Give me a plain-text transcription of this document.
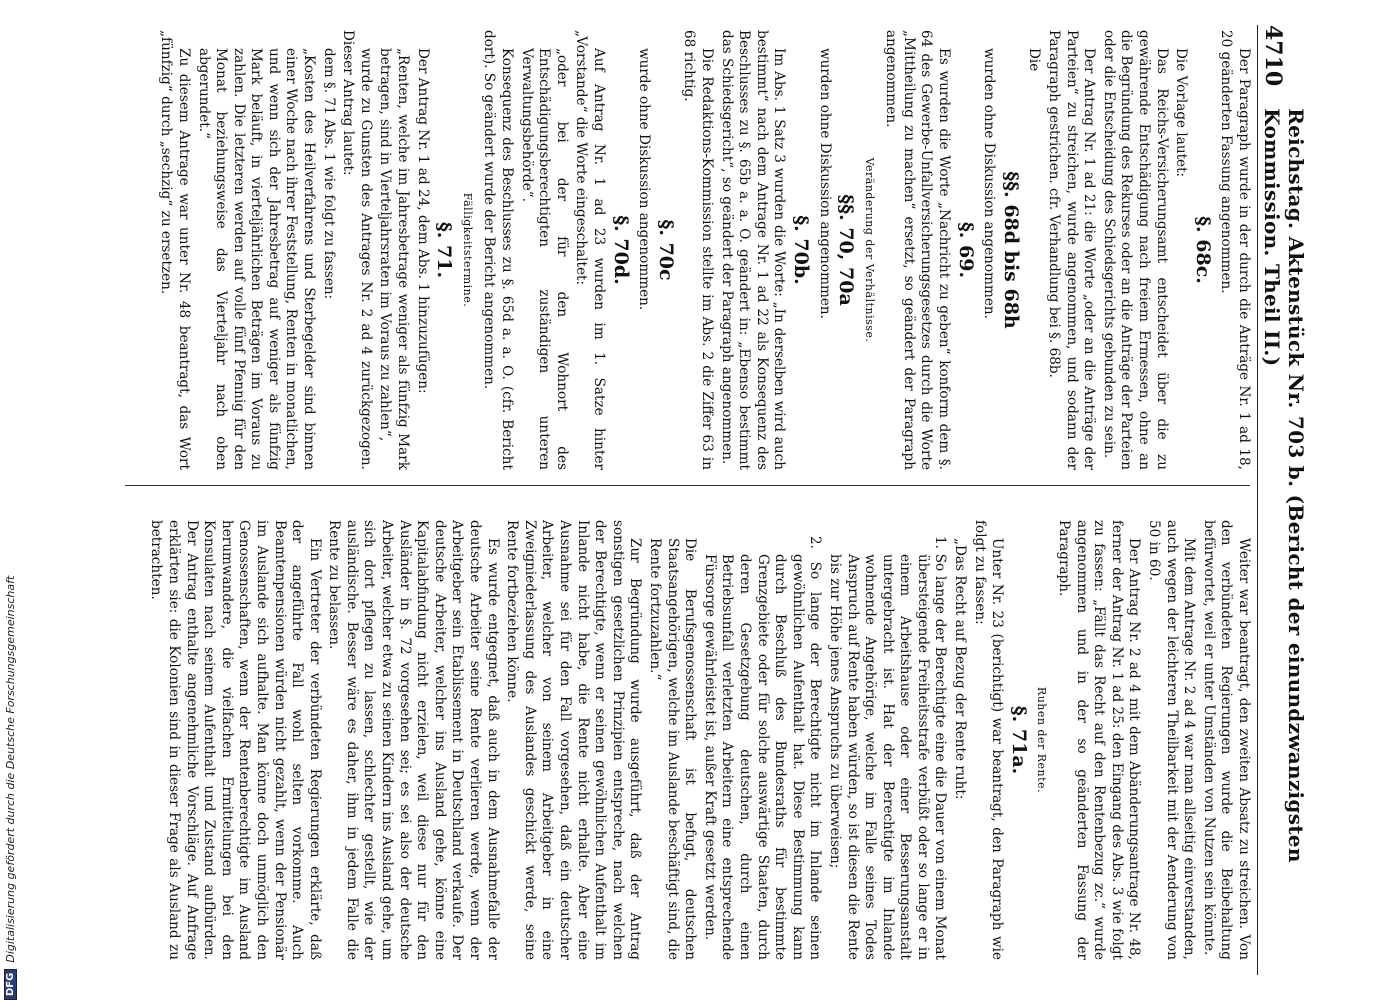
4710
Reichstag. Aktenstück Nr. 703 b. (Bericht der einundzwanzigsten Kommission. Theil II.)

Der Paragraph wurde in der durch die Anträge Nr. 1 ad 18, 20 geänderten Fassung angenommen.

§. 68c.

Die Vorlage lautet:

Das Reichs-Versicherungsamt entscheidet über die zu gewährende Entschädigung nach freiem Ermessen, ohne an die Begründung des Rekurses oder an die Anträge der Parteien oder die Entscheidung des Schiedsgerichts gebunden zu sein.

Der Antrag Nr. 1 ad 21: die Worte „oder an die Anträge der Parteien“ zu streichen, wurde angenommen, und sodann der Paragraph gestrichen. cfr. Verhandlung bei §. 68b.

Die

§§. 68d bis 68h

wurden ohne Diskussion angenommen.

§. 69.

Es wurden die Worte „Nachricht zu geben“ konform dem §. 64 des Gewerbe-Unfallversicherungsgesetzes durch die Worte „Mittheilung zu machen“ ersetzt, so geändert der Paragraph angenommen.

Veränderung der Verhältnisse.

§§. 70, 70a

wurden ohne Diskussion angenommen.

§. 70b.

Im Abs. 1 Satz 3 wurden die Worte: „In derselben wird auch bestimmt“ nach dem Antrage Nr. 1 ad 22 als Konsequenz des Beschlusses zu §. 65b a. a. O. geändert in: „Ebenso bestimmt das Schiedsgericht“, so geändert der Paragraph angenommen.

Die Redaktions-Kommission stellte im Abs. 2 die Ziffer 63 in 68 richtig.

§. 70c

wurde ohne Diskussion angenommen.

§. 70d.

Auf Antrag Nr. 1 ad 23 wurden im 1. Satze hinter „Vorstande“ die Worte eingeschaltet:

„oder bei der für den Wohnort des Entschädigungsberechtigten zuständigen unteren Verwaltungsbehörde“.

Konsequenz des Beschlusses zu §. 65d a. a. O. (cfr. Bericht dort). So geändert wurde der Bericht angenommen.

Fälligkeitstermine.

§. 71.

Der Antrag Nr. 1 ad 24, dem Abs. 1 hinzuzufügen:

„Renten, welche im Jahresbetrage weniger als fünfzig Mark betragen, sind in Vierteljahrsraten im Voraus zu zahlen“,

wurde zu Gunsten des Antrages Nr. 2 ad 4 zurückgezogen. Dieser Antrag lautet:

dem §. 71 Abs. 1 wie folgt zu fassen:

„Kosten des Heilverfahrens und Sterbegelder sind binnen einer Woche nach ihrer Feststellung, Renten in monatlichen, und wenn sich der Jahresbetrag auf weniger als fünfzig Mark beläuft, in vierteljährlichen Beträgen im Voraus zu zahlen. Die letzteren werden auf volle fünf Pfennig für den Monat beziehungsweise das Vierteljahr nach oben abgerundet.“

Zu diesem Antrage war unter Nr. 48 beantragt, das Wort „fünfzig“ durch „sechzig“ zu ersetzen.

Weiter war beantragt, den zweiten Absatz zu streichen. Von den verbündeten Regierungen wurde die Beibehaltung befürwortet, weil er unter Umständen von Nutzen sein könnte.

Mit dem Antrage Nr. 2 ad 4 war man allseitig einverstanden, auch wegen der leichteren Theilbarkeit mit der Aenderung von 50 in 60.

Der Antrag Nr. 2 ad 4 mit dem Abänderungsantrage Nr. 48, ferner der Antrag Nr. 1 ad 25: den Eingang des Abs. 3 wie folgt zu fassen: „Fällt das Recht auf den Rentenbezug zc.“ wurde angenommen und in der so geänderten Fassung der Paragraph.

Ruhen der Rente.

§. 71a.

Unter Nr. 23 (berichtigt) war beantragt, den Paragraph wie folgt zu fassen:

„Das Recht auf Bezug der Rente ruht:

1. So lange der Berechtigte eine die Dauer von einem Monat übersteigende Freiheitsstrafe verbüßt oder so lange er in einem Arbeitshause oder einer Besserungsanstalt untergebracht ist. Hat der Berechtigte im Inlande wohnende Angehörige, welche im Falle seines Todes Anspruch auf Rente haben würden, so ist diesen die Rente bis zur Höhe jenes Anspruchs zu überweisen;

2. So lange der Berechtigte nicht im Inlande seinen gewöhnlichen Aufenthalt hat. Diese Bestimmung kann durch Beschluß des Bundesraths für bestimmte Grenzgebiete oder für solche auswärtige Staaten, durch deren Gesetzgebung deutschen, durch einen Betriebsunfall verletzten Arbeitern eine entsprechende Fürsorge gewährleistet ist, außer Kraft gesetzt werden.

Die Berufsgenossenschaft ist befugt, deutschen Staatsangehörigen, welche im Auslande beschäftigt sind, die Rente fortzuzahlen.“

Zur Begründung wurde ausgeführt, daß der Antrag sonstigen gesetzlichen Prinzipien entspreche, nach welchen der Berechtigte, wenn er seinen gewöhnlichen Aufenthalt im Inlande nicht habe, die Rente nicht erhalte. Aber eine Ausnahme sei für den Fall vorgesehen, daß ein deutscher Arbeiter, welcher von seinem Arbeitgeber in eine Zweigniederlassung des Auslandes geschickt werde, seine Rente fortbeziehen könne.

Es wurde entgegnet, daß auch in dem Ausnahmefalle der deutsche Arbeiter seine Rente verlieren werde, wenn der Arbeitgeber sein Etablissement in Deutschland verkaufe. Der deutsche Arbeiter, welcher ins Ausland gehe, könne eine Kapitalabfindung nicht erzielen, weil diese nur für den Ausländer in §. 72 vorgesehen sei; es sei also der deutsche Arbeiter, welcher etwa zu seinen Kindern ins Ausland gehe, um sich dort pflegen zu lassen, schlechter gestellt, wie der ausländische. Besser wäre es daher, ihm in jedem Falle die Rente zu belassen.

Ein Vertreter der verbündeten Regierungen erklärte, daß der angeführte Fall wohl selten vorkomme. Auch Beamtenpensionen würden nicht gezahlt, wenn der Pensionär im Auslande sich aufhalte. Man könne doch unmöglich den Genossenschaften, wenn der Rentenberechtigte im Ausland herumwandere, die vielfachen Ermittelungen bei den Konsulaten nach seinem Aufenthalt und Zustand aufbürden. Der Antrag enthalte angenehmliche Vorschläge. Auf Anfrage erklärten sie: die Kolonien sind in dieser Frage als Ausland zu betrachten.

DFG
Digitalisierung gefördert durch die Deutsche Forschungsgemeinschaft
